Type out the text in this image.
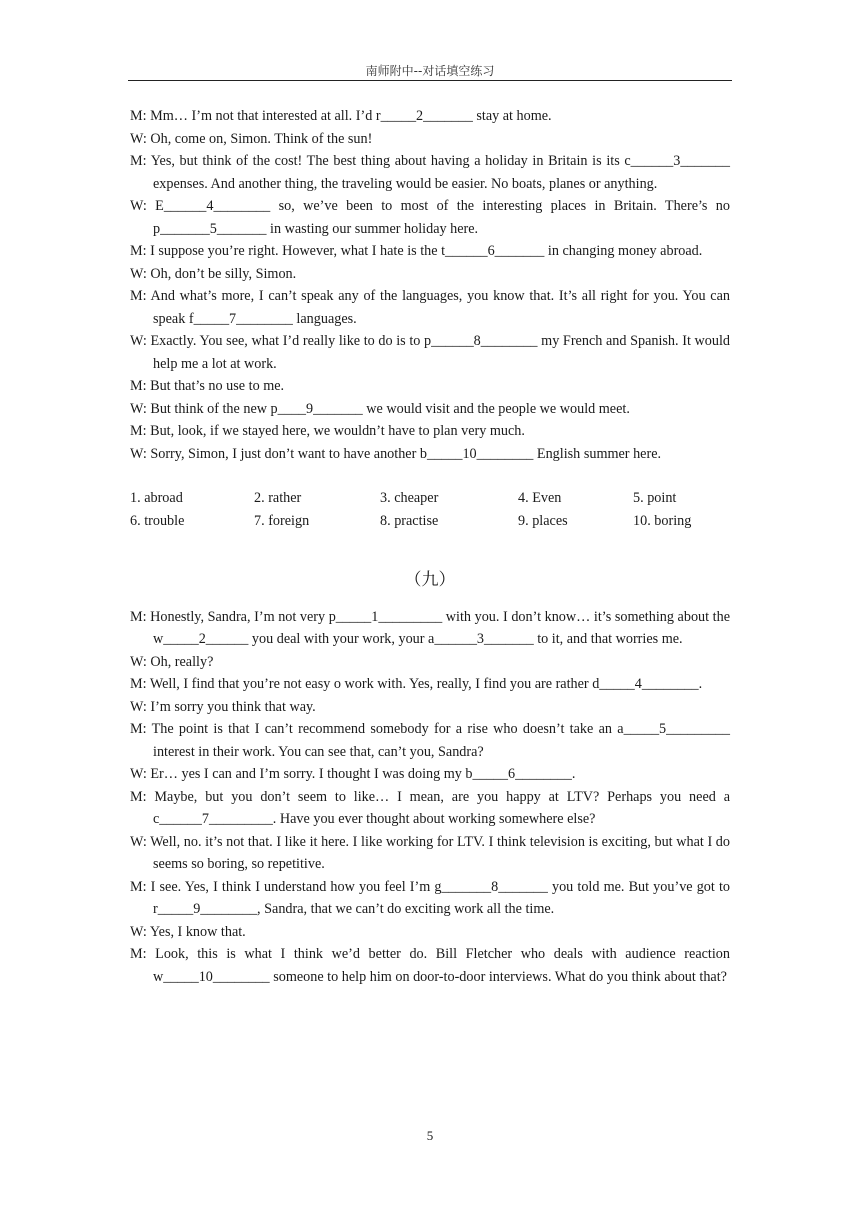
南师附中--对话填空练习
M: Mm… I’m not that interested at all. I’d r_____2_______ stay at home.
W: Oh, come on, Simon. Think of the sun!
M: Yes, but think of the cost! The best thing about having a holiday in Britain is its c______3_______ expenses. And another thing, the traveling would be easier. No boats, planes or anything.
W: E______4________ so, we’ve been to most of the interesting places in Britain. There’s no p_______5_______ in wasting our summer holiday here.
M: I suppose you’re right. However, what I hate is the t______6_______ in changing money abroad.
W: Oh, don’t be silly, Simon.
M: And what’s more, I can’t speak any of the languages, you know that. It’s all right for you. You can speak f_____7________ languages.
W: Exactly. You see, what I’d really like to do is to p______8________ my French and Spanish. It would help me a lot at work.
M: But that’s no use to me.
W: But think of the new p____9_______ we would visit and the people we would meet.
M: But, look, if we stayed here, we wouldn’t have to plan very much.
W: Sorry, Simon, I just don’t want to have another b_____10________ English summer here.
1. abroad	2. rather	3. cheaper	4. Even	5. point
6. trouble	7. foreign	8. practise	9. places	10. boring
（九）
M: Honestly, Sandra, I’m not very p_____1_________ with you. I don’t know… it’s something about the w_____2______ you deal with your work, your a______3_______ to it, and that worries me.
W: Oh, really?
M: Well, I find that you’re not easy o work with. Yes, really, I find you are rather d_____4________.
W: I’m sorry you think that way.
M: The point is that I can’t recommend somebody for a rise who doesn’t take an a_____5_________ interest in their work. You can see that, can’t you, Sandra?
W: Er… yes I can and I’m sorry. I thought I was doing my b_____6________.
M: Maybe, but you don’t seem to like… I mean, are you happy at LTV? Perhaps you need a c______7_________. Have you ever thought about working somewhere else?
W: Well, no. it’s not that. I like it here. I like working for LTV. I think television is exciting, but what I do seems so boring, so repetitive.
M: I see. Yes, I think I understand how you feel I’m g_______8_______ you told me. But you’ve got to r_____9________, Sandra, that we can’t do exciting work all the time.
W: Yes, I know that.
M: Look, this is what I think we’d better do. Bill Fletcher who deals with audience reaction w_____10________ someone to help him on door-to-door interviews. What do you think about that?
5
